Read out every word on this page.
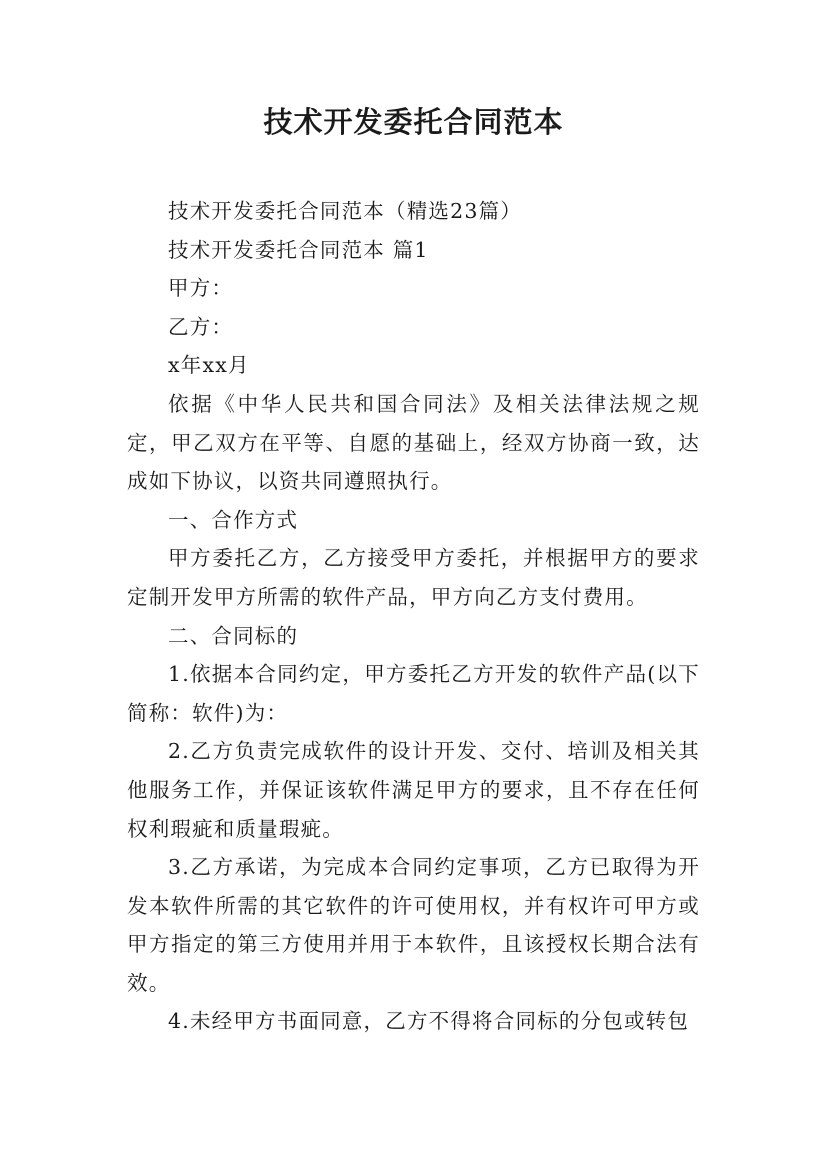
技术开发委托合同范本

技术开发委托合同范本（精选23篇）

技术开发委托合同范本 篇1

甲方：

乙方：

x年xx月

依据《中华人民共和国合同法》及相关法律法规之规定，甲乙双方在平等、自愿的基础上，经双方协商一致，达成如下协议，以资共同遵照执行。

一、合作方式

甲方委托乙方，乙方接受甲方委托，并根据甲方的要求定制开发甲方所需的软件产品，甲方向乙方支付费用。

二、合同标的

1.依据本合同约定，甲方委托乙方开发的软件产品(以下简称：软件)为：

2.乙方负责完成软件的设计开发、交付、培训及相关其他服务工作，并保证该软件满足甲方的要求，且不存在任何权利瑕疵和质量瑕疵。

3.乙方承诺，为完成本合同约定事项，乙方已取得为开发本软件所需的其它软件的许可使用权，并有权许可甲方或甲方指定的第三方使用并用于本软件，且该授权长期合法有效。

4.未经甲方书面同意，乙方不得将合同标的分包或转包
